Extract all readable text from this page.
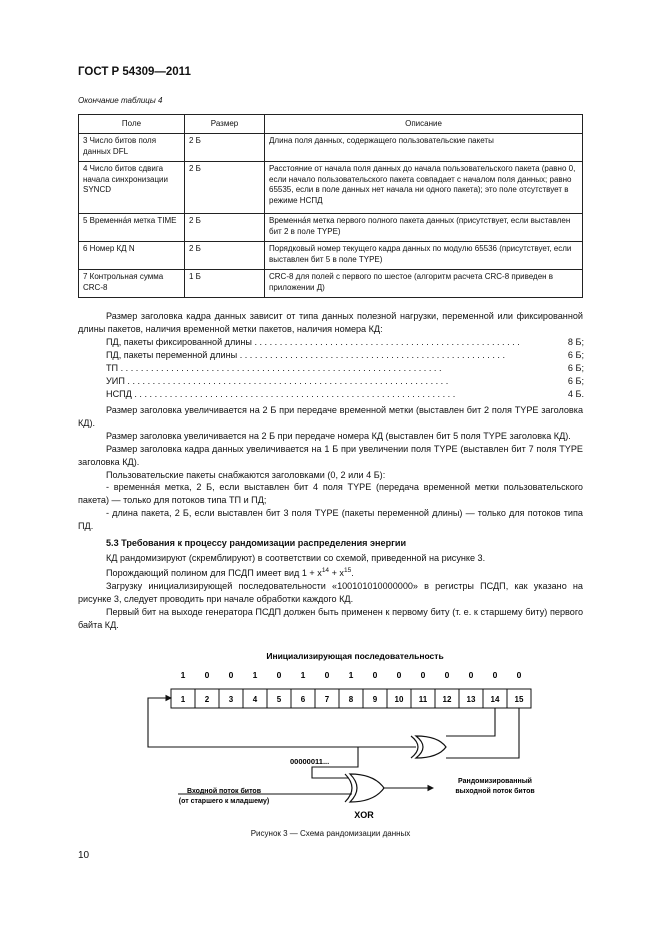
ГОСТ Р 54309—2011
Окончание таблицы 4
Поле	Размер	Описание
3 Число битов поля данных DFL	2 Б	Длина поля данных, содержащего пользовательские пакеты
4 Число битов сдвига начала синхронизации SYNCD	2 Б	Расстояние от начала поля данных до начала пользовательского пакета (равно 0, если начало пользовательского пакета совпадает с началом поля данных; равно 65535, если в поле данных нет начала ни одного пакета); это поле отсутствует в режиме НСПД
5 Временна́я метка TIME	2 Б	Временна́я метка первого полного пакета данных (присутствует, если выставлен бит 2 в поле TYPE)
6 Номер КД N	2 Б	Порядковый номер текущего кадра данных по модулю 65536 (присутствует, если выставлен бит 5 в поле TYPE)
7 Контрольная сумма CRC-8	1 Б	CRC-8 для полей с первого по шестое (алгоритм расчета CRC-8 приведен в приложении Д)

Размер заголовка кадра данных зависит от типа данных полезной нагрузки, переменной или фиксированной длины пакетов, наличия временной метки пакетов, наличия номера КД:

ПД, пакеты фиксированной длины . . . . . . . . . . . . . . . . . . . . . . . . . . . . . . . . . . . . . . . . . . . . . . . . . . . . .	8 Б;
ПД, пакеты переменной длины . . . . . . . . . . . . . . . . . . . . . . . . . . . . . . . . . . . . . . . . . . . . . . . . . . . . .	6 Б;
ТП . . . . . . . . . . . . . . . . . . . . . . . . . . . . . . . . . . . . . . . . . . . . . . . . . . . . . . . . . . . . . . . .	6 Б;
УИП . . . . . . . . . . . . . . . . . . . . . . . . . . . . . . . . . . . . . . . . . . . . . . . . . . . . . . . . . . . . . . . .	6 Б;
НСПД . . . . . . . . . . . . . . . . . . . . . . . . . . . . . . . . . . . . . . . . . . . . . . . . . . . . . . . . . . . . . . . .	4 Б.

Размер заголовка увеличивается на 2 Б при передаче временной метки (выставлен бит 2 поля TYPE заголовка КД).

Размер заголовка увеличивается на 2 Б при передаче номера КД (выставлен бит 5 поля TYPE заголовка КД).

Размер заголовка кадра данных увеличивается на 1 Б при увеличении поля TYPE (выставлен бит 7 поля TYPE заголовка КД).

Пользовательские пакеты снабжаются заголовками (0, 2 или 4 Б):

- временна́я метка, 2 Б, если выставлен бит 4 поля TYPE (передача временной метки пользовательского пакета) — только для потоков типа ТП и ПД;

- длина пакета, 2 Б, если выставлен бит 3 поля TYPE (пакеты переменной длины) — только для потоков типа ПД.

5.3 Требования к процессу рандомизации распределения энергии

КД рандомизируют (скремблируют) в соответствии со схемой, приведенной на рисунке 3.

Порождающий полином для ПСДП имеет вид $1 + x^{14} + x^{15}$.

Загрузку инициализирующей последовательности «100101010000000» в регистры ПСДП, как указано на рисунке 3, следует проводить при начале обработки каждого КД.

Первый бит на выходе генератора ПСДП должен быть применен к первому биту (т. е. к старшему биту) первого байта КД.

Инициализирующая последовательность
1 0 0 1 0 1 0 1 0 0 0 0 0 0 0
1 2 3 4 5 6 7 8 9 10 11 12 13 14 15
00000011...
Входной поток битов
(от старшего к младшему)
Рандомизированный
выходной поток битов
XOR
Рисунок 3 — Схема рандомизации данных
10
